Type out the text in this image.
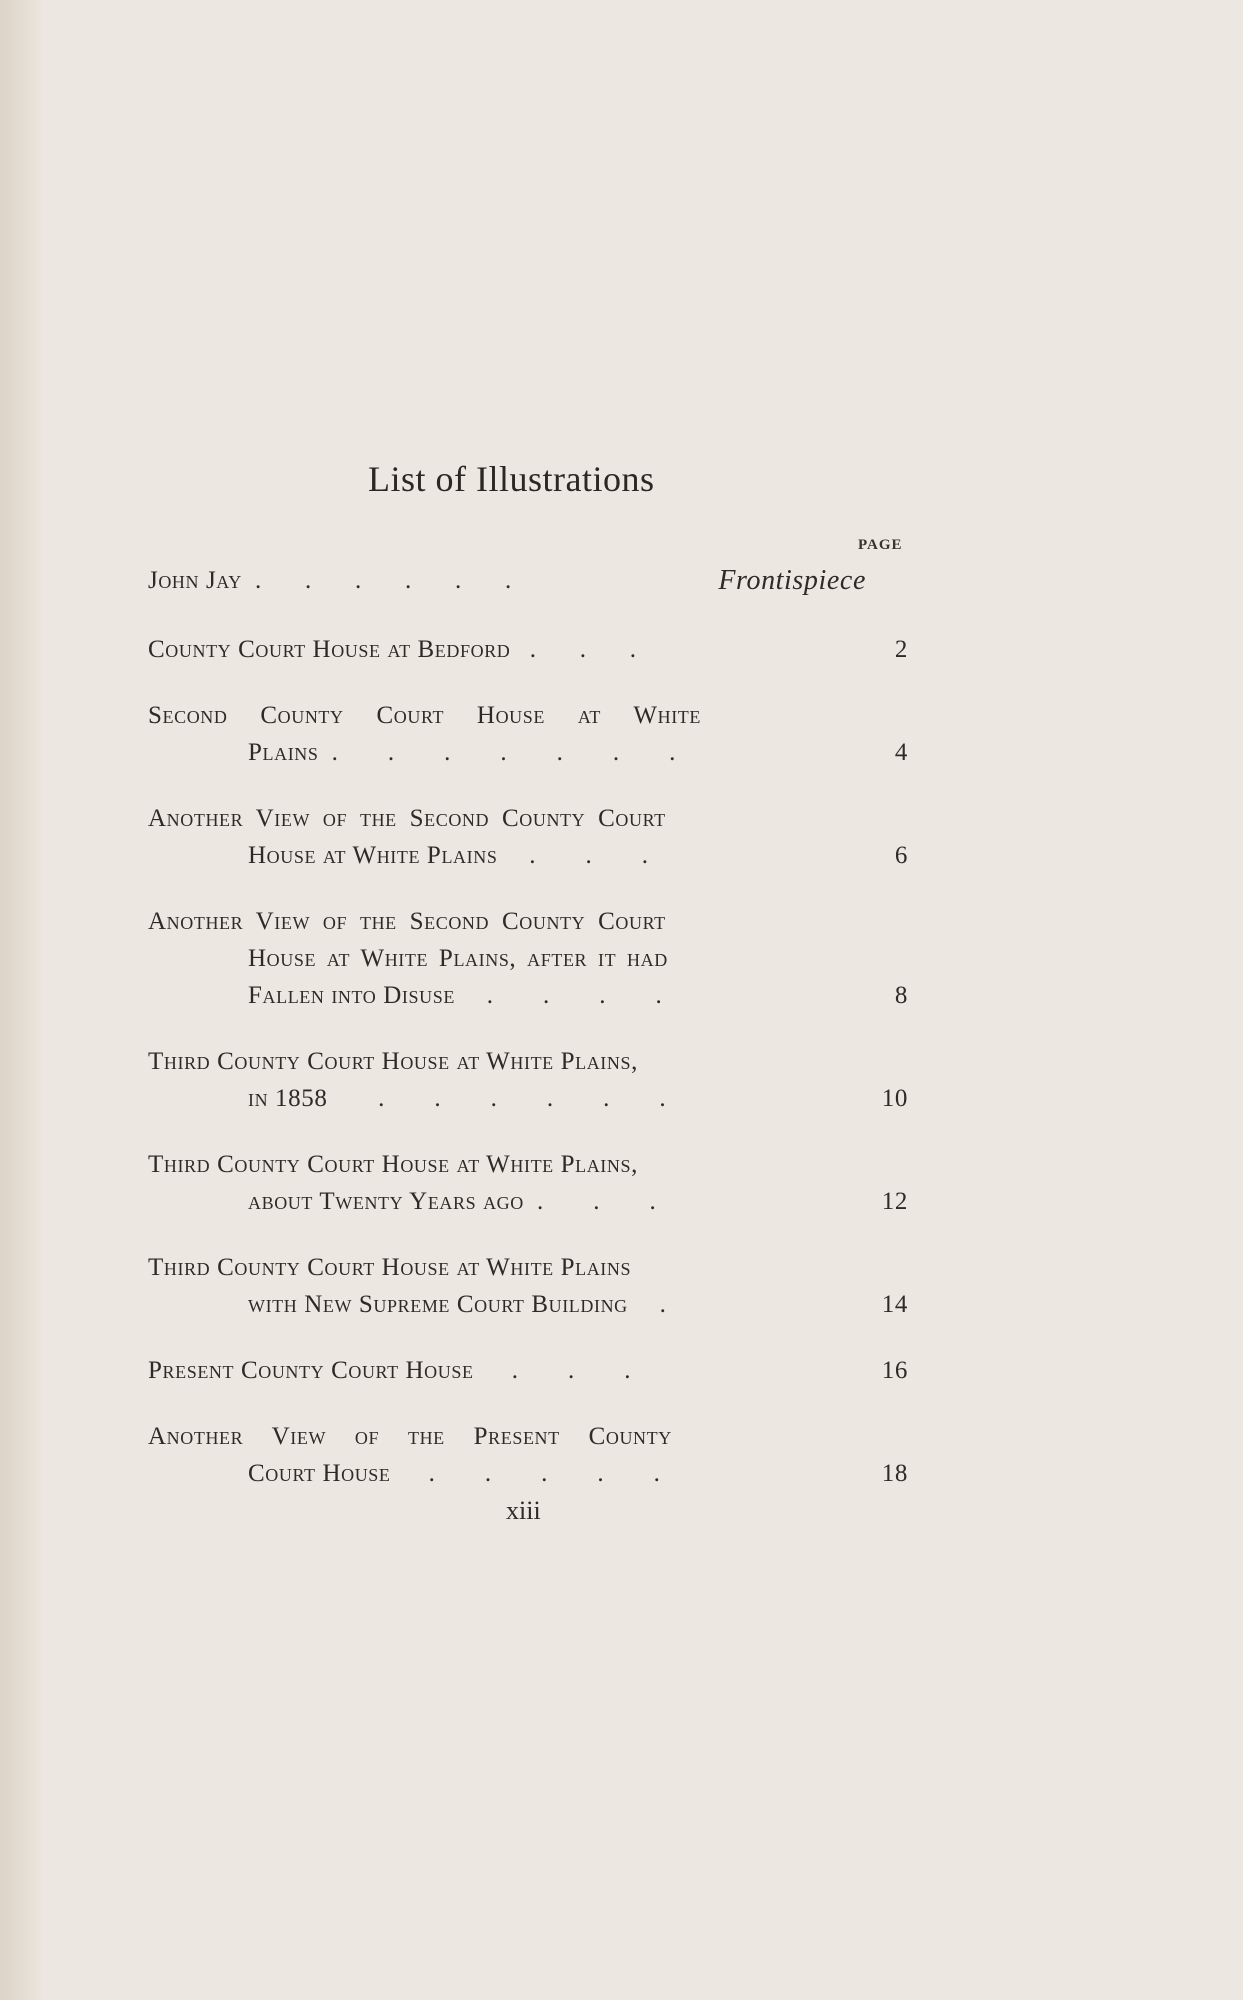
List of Illustrations
PAGE
John Jay  .       .       .       .       .       .	Frontispiece
County Court House at Bedford   .       .       .	2
Second County Court House at White
Plains  .        .        .        .        .        .        .	4
Another View of the Second County Court
House at White Plains     .        .        .	6
Another View of the Second County Court
House at White Plains, after it had
Fallen into Disuse     .        .        .        .	8
Third County Court House at White Plains,
in 1858        .        .        .        .        .        .	10
Third County Court House at White Plains,
about Twenty Years ago  .        .        .	12
Third County Court House at White Plains
with New Supreme Court Building     .	14
Present County Court House      .        .        .	16
Another View of the Present County
Court House      .        .        .        .        .	18
xiii
